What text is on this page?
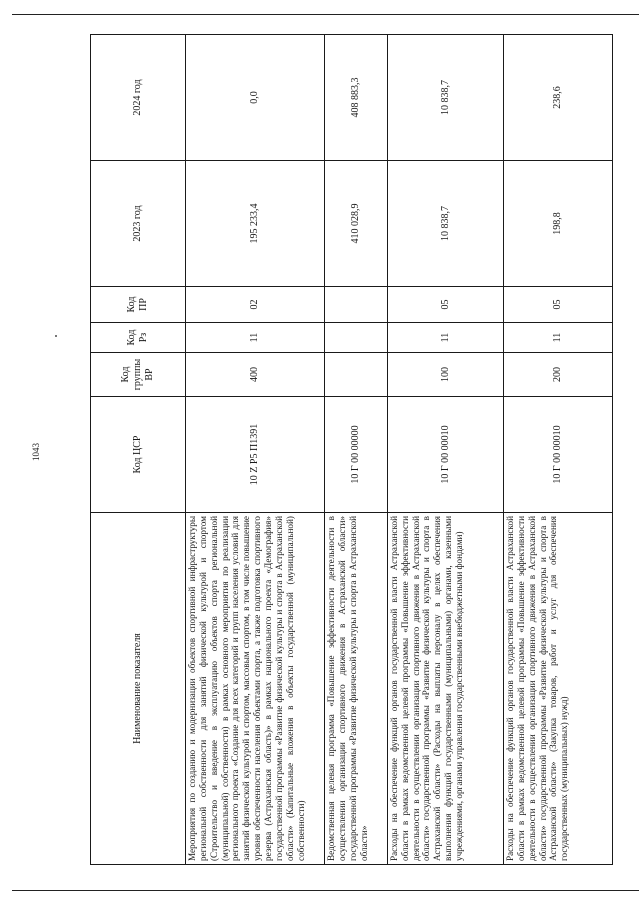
1043
Наименование показателя	Код ЦСР	Код группы ВР	Код Рз	Код ПР	2023 год	2024 год
Мероприятия по созданию и модернизации объектов спортивной инфраструктуры региональной собственности для занятий физической культурой и спортом (Строительство и введение в эксплуатацию объектов спорта региональной (муниципальной) собственности) в рамках основного мероприятия по реализации регионального проекта «Создание для всех категорий и групп населения условий для занятий физической культурой и спортом, массовым спортом, в том числе повышение уровня обеспеченности населения объектами спорта, а также подготовка спортивного резерва (Астраханская область)» в рамках национального проекта «Демография» государственной программы «Развитие физической культуры и спорта в Астраханской области» (Капитальные вложения в объекты государственной (муниципальной) собственности)	10 Z P5 П1391	400	11	02	195 233,4	0,0
Ведомственная целевая программа «Повышение эффективности деятельности в осуществлении организации спортивного движения в Астраханской области» государственной программы «Развитие физической культуры и спорта в Астраханской области»	10 Г 00 00000				410 028,9	408 883,3
Расходы на обеспечение функций органов государственной власти Астраханской области в рамках ведомственной целевой программы «Повышение эффективности деятельности в осуществлении организации спортивного движения в Астраханской области» государственной программы «Развитие физической культуры и спорта в Астраханской области» (Расходы на выплаты персоналу в целях обеспечения выполнения функций государственными (муниципальными) органами, казенными учреждениями, органами управления государственными внебюджетными фондами)	10 Г 00 00010	100	11	05	10 838,7	10 838,7
Расходы на обеспечение функций органов государственной власти Астраханской области в рамках ведомственной целевой программы «Повышение эффективности деятельности в осуществлении организации спортивного движения в Астраханской области» государственной программы «Развитие физической культуры и спорта в Астраханской области» (Закупка товаров, работ и услуг для обеспечения государственных (муниципальных) нужд)	10 Г 00 00010	200	11	05	198,8	238,6
